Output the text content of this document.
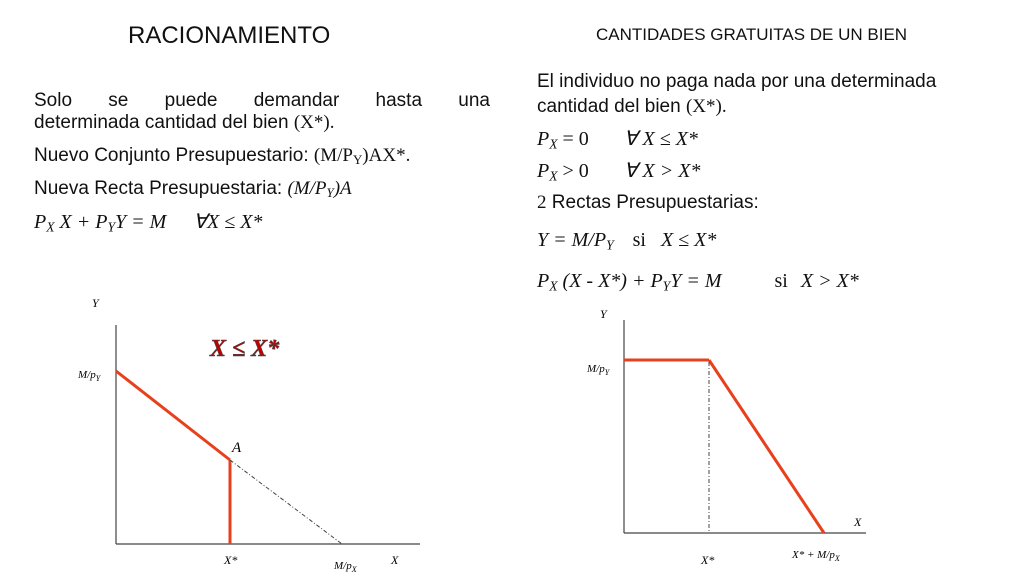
RACIONAMIENTO
Solo se puede demandar hasta una
determinada cantidad del bien (X*).
Nuevo Conjunto Presupuestario: $(M/P_Y)AX*$.
Nueva Recta Presupuestaria: $(M/P_Y)A$
$P_X$ $X + P_YY = M$ ∀X ≤ X*
Y
$M/p_Y$
A
X*	$M/p_X$
X
X ≤ X*
CANTIDADES GRATUITAS DE UN BIEN
El individuo no paga nada por una determinada
cantidad del bien (X*).
$P_X = 0$ ∀ X ≤ X*
$P_X > 0$ ∀ X > X*
2 Rectas Presupuestarias:
$Y = M/P_Y$ si X ≤ X*
$P_X$ $(X - X*) + P_YY = M$	si X > X*
Y
$M/p_Y$
X
X*	$X* + M/p_X$
